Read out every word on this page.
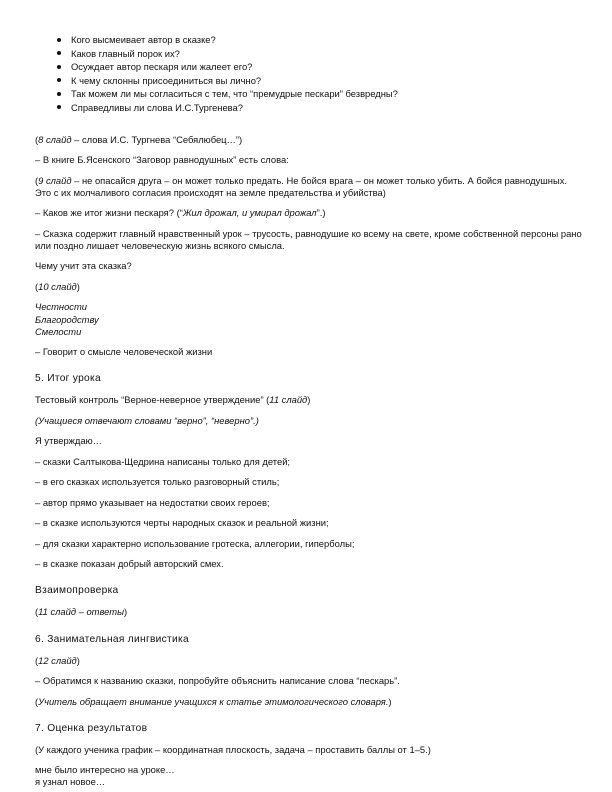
Кого высмеивает автор в сказке?
Каков главный порок их?
Осуждает автор пескаря или жалеет его?
К чему склонны присоединиться вы лично?
Так можем ли мы согласиться с тем, что “премудрые пескари” безвредны?
Справедливы ли слова И.С.Тургенева?

(8 слайд – слова И.С. Тургнева “Себялюбец…”)

– В книге Б.Ясенского “Заговор равнодушных” есть слова:

(9 слайд – не опасайся друга – он может только предать. Не бойся врага – он может только убить. А бойся равнодушных. Это с их молчаливого согласия происходят на земле предательства и убийства)

– Каков же итог жизни пескаря? (“Жил дрожал, и умирал дрожал”.)

– Сказка содержит главный нравственный урок – трусость, равнодушие ко всему на свете, кроме собственной персоны рано или поздно лишает человеческую жизнь всякого смысла.

Чему учит эта сказка?

(10 слайд)

Честности
Благородству
Смелости

– Говорит о смысле человеческой жизни

5. Итог урока

Тестовый контроль “Верное-неверное утверждение” (11 слайд)

(Учащиеся отвечают словами “верно”, “неверно”.)

Я утверждаю…

– сказки Салтыкова-Щедрина написаны только для детей;

– в его сказках используется только разговорный стиль;

– автор прямо указывает на недостатки своих героев;

– в сказке используются черты народных сказок и реальной жизни;

– для сказки характерно использование гротеска, аллегории, гиперболы;

– в сказке показан добрый авторский смех.

Взаимопроверка

(11 слайд – ответы)

6. Занимательная лингвистика

(12 слайд)

– Обратимся к названию сказки, попробуйте объяснить написание слова “пескарь”.

(Учитель обращает внимание учащихся к статье этимологического словаря.)

7. Оценка результатов

(У каждого ученика график – координатная плоскость, задача – проставить баллы от 1–5.)

мне было интересно на уроке…

я узнал новое…
